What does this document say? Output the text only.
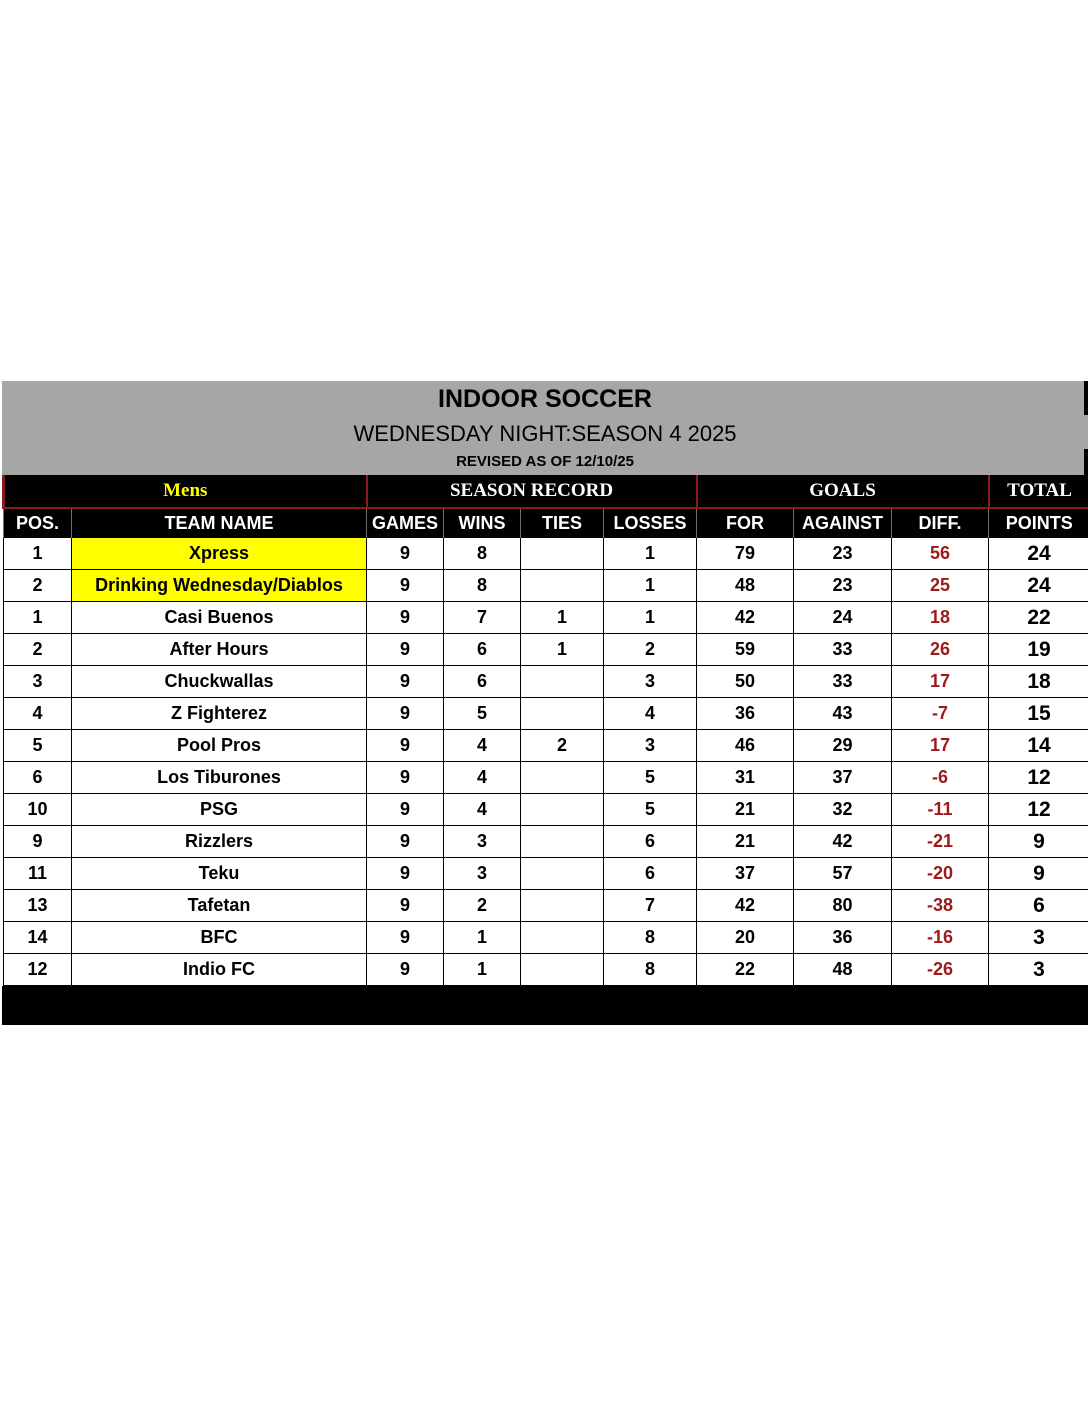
INDOOR SOCCER
WEDNESDAY NIGHT:SEASON 4 2025
REVISED AS OF 12/10/25
Mens		SEASON RECORD				GOALS			TOTAL
POS.	TEAM NAME	GAMES	WINS	TIES	LOSSES	FOR	AGAINST	DIFF.	POINTS
1	Xpress	9	8		1	79	23	56	24
2	Drinking Wednesday/Diablos	9	8		1	48	23	25	24
1	Casi Buenos	9	7	1	1	42	24	18	22
2	After Hours	9	6	1	2	59	33	26	19
3	Chuckwallas	9	6		3	50	33	17	18
4	Z Fighterez	9	5		4	36	43	-7	15
5	Pool Pros	9	4	2	3	46	29	17	14
6	Los Tiburones	9	4		5	31	37	-6	12
10	PSG	9	4		5	21	32	-11	12
9	Rizzlers	9	3		6	21	42	-21	9
11	Teku	9	3		6	37	57	-20	9
13	Tafetan	9	2		7	42	80	-38	6
14	BFC	9	1		8	20	36	-16	3
12	Indio FC	9	1		8	22	48	-26	3
